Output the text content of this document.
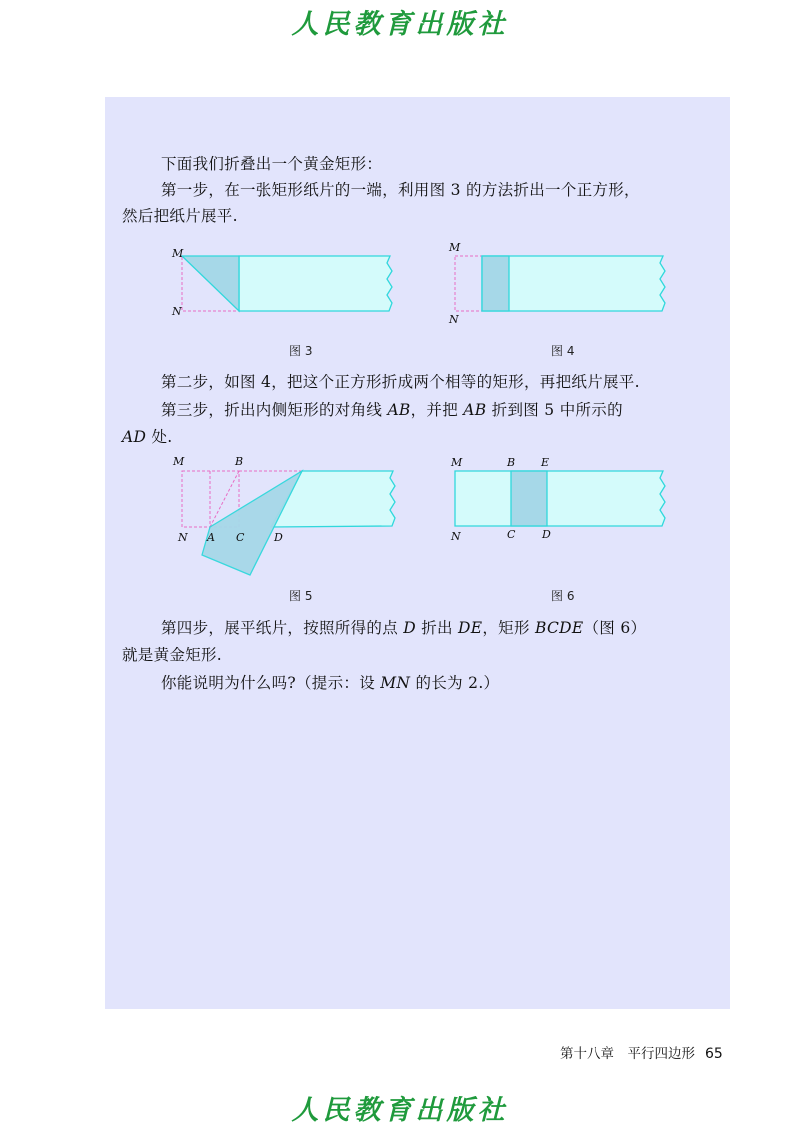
人民教育出版社

下面我们折叠出一个黄金矩形：

第一步，在一张矩形纸片的一端，利用图 3 的方法折出一个正方形，

然后把纸片展平.

M
N
图 3
M
N
图 4

第二步，如图 4，把这个正方形折成两个相等的矩形，再把纸片展平.

第三步，折出内侧矩形的对角线 AB，并把 AB 折到图 5 中所示的

AD 处.

M	B
N A C	D
图 5
M	B E
N	C D
图 6

第四步，展平纸片，按照所得的点 D 折出 DE，矩形 BCDE（图 6）

就是黄金矩形.

你能说明为什么吗?（提示：设 MN 的长为 2.）

第十八章　平行四边形 65
人民教育出版社
